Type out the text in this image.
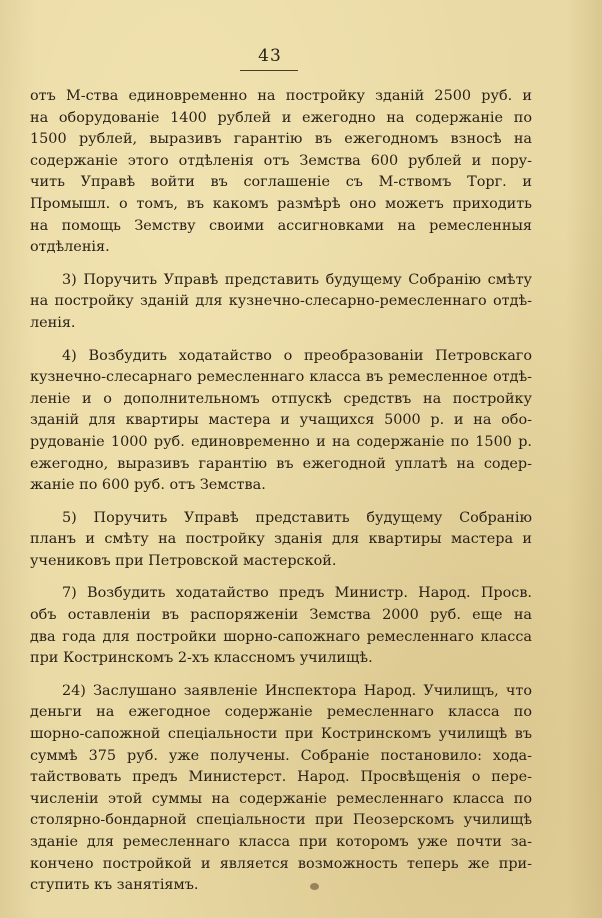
43
отъ М-ства единовременно на постройку зданій 2500 руб. и
на оборудованіе 1400 рублей и ежегодно на содержаніе по
1500 рублей, выразивъ гарантію въ ежегодномъ взносѣ на
содержаніе этого отдѣленія отъ Земства 600 рублей и пору-
чить Управѣ войти въ соглашеніе съ М-ствомъ Торг. и
Промышл. о томъ, въ какомъ размѣрѣ оно можетъ приходить
на помощь Земству своими ассигновками на ремесленныя
отдѣленія.
3) Поручить Управѣ представить будущему Собранію смѣту
на постройку зданій для кузнечно-слесарно-ремесленнаго отдѣ-
ленія.
4) Возбудить ходатайство о преобразованіи Петровскаго
кузнечно-слесарнаго ремесленнаго класса въ ремесленное отдѣ-
леніе и о дополнительномъ отпускѣ средствъ на постройку
зданій для квартиры мастера и учащихся 5000 р. и на обо-
рудованіе 1000 руб. единовременно и на содержаніе по 1500 р.
ежегодно, выразивъ гарантію въ ежегодной уплатѣ на содер-
жаніе по 600 руб. отъ Земства.
5) Поручить Управѣ представить будущему Собранію
планъ и смѣту на постройку зданія для квартиры мастера и
учениковъ при Петровской мастерской.
7) Возбудить ходатайство предъ Министр. Народ. Просв.
объ оставленіи въ распоряженіи Земства 2000 руб. еще на
два года для постройки шорно-сапожнаго ремесленнаго класса
при Костринскомъ 2-хъ классномъ училищѣ.
24) Заслушано заявленіе Инспектора Народ. Училищъ, что
деньги на ежегодное содержаніе ремесленнаго класса по
шорно-сапожной спеціальности при Костринскомъ училищѣ въ
суммѣ 375 руб. уже получены. Собраніе постановило: хода-
тайствовать предъ Министерст. Народ. Просвѣщенія о пере-
численіи этой суммы на содержаніе ремесленнаго класса по
столярно-бондарной спеціальности при Пеозерскомъ училищѣ
зданіе для ремесленнаго класса при которомъ уже почти за-
кончено постройкой и является возможность теперь же при-
ступить къ занятіямъ.
